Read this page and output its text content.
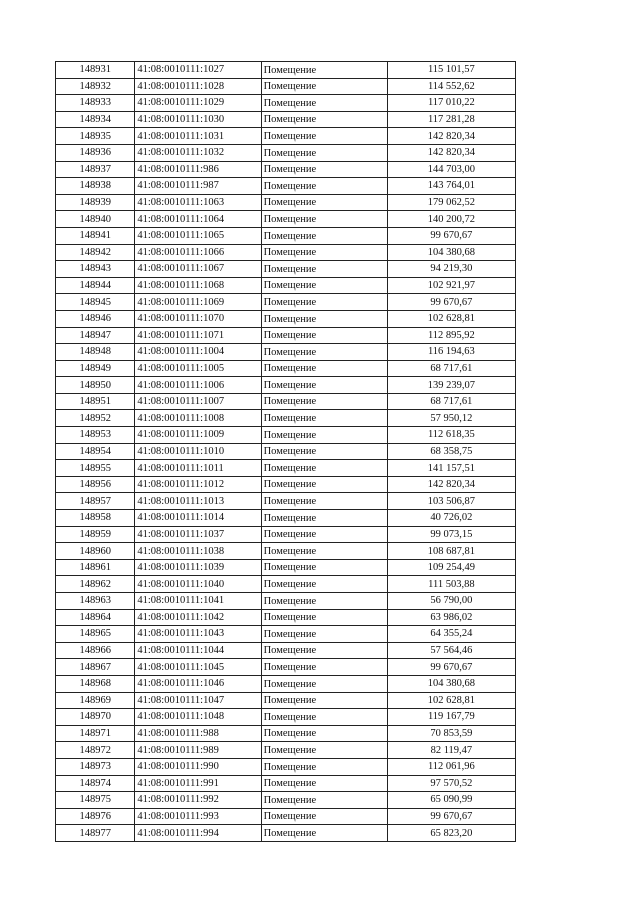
148931	41:08:0010111:1027	Помещение	115 101,57
148932	41:08:0010111:1028	Помещение	114 552,62
148933	41:08:0010111:1029	Помещение	117 010,22
148934	41:08:0010111:1030	Помещение	117 281,28
148935	41:08:0010111:1031	Помещение	142 820,34
148936	41:08:0010111:1032	Помещение	142 820,34
148937	41:08:0010111:986	Помещение	144 703,00
148938	41:08:0010111:987	Помещение	143 764,01
148939	41:08:0010111:1063	Помещение	179 062,52
148940	41:08:0010111:1064	Помещение	140 200,72
148941	41:08:0010111:1065	Помещение	99 670,67
148942	41:08:0010111:1066	Помещение	104 380,68
148943	41:08:0010111:1067	Помещение	94 219,30
148944	41:08:0010111:1068	Помещение	102 921,97
148945	41:08:0010111:1069	Помещение	99 670,67
148946	41:08:0010111:1070	Помещение	102 628,81
148947	41:08:0010111:1071	Помещение	112 895,92
148948	41:08:0010111:1004	Помещение	116 194,63
148949	41:08:0010111:1005	Помещение	68 717,61
148950	41:08:0010111:1006	Помещение	139 239,07
148951	41:08:0010111:1007	Помещение	68 717,61
148952	41:08:0010111:1008	Помещение	57 950,12
148953	41:08:0010111:1009	Помещение	112 618,35
148954	41:08:0010111:1010	Помещение	68 358,75
148955	41:08:0010111:1011	Помещение	141 157,51
148956	41:08:0010111:1012	Помещение	142 820,34
148957	41:08:0010111:1013	Помещение	103 506,87
148958	41:08:0010111:1014	Помещение	40 726,02
148959	41:08:0010111:1037	Помещение	99 073,15
148960	41:08:0010111:1038	Помещение	108 687,81
148961	41:08:0010111:1039	Помещение	109 254,49
148962	41:08:0010111:1040	Помещение	111 503,88
148963	41:08:0010111:1041	Помещение	56 790,00
148964	41:08:0010111:1042	Помещение	63 986,02
148965	41:08:0010111:1043	Помещение	64 355,24
148966	41:08:0010111:1044	Помещение	57 564,46
148967	41:08:0010111:1045	Помещение	99 670,67
148968	41:08:0010111:1046	Помещение	104 380,68
148969	41:08:0010111:1047	Помещение	102 628,81
148970	41:08:0010111:1048	Помещение	119 167,79
148971	41:08:0010111:988	Помещение	70 853,59
148972	41:08:0010111:989	Помещение	82 119,47
148973	41:08:0010111:990	Помещение	112 061,96
148974	41:08:0010111:991	Помещение	97 570,52
148975	41:08:0010111:992	Помещение	65 090,99
148976	41:08:0010111:993	Помещение	99 670,67
148977	41:08:0010111:994	Помещение	65 823,20
